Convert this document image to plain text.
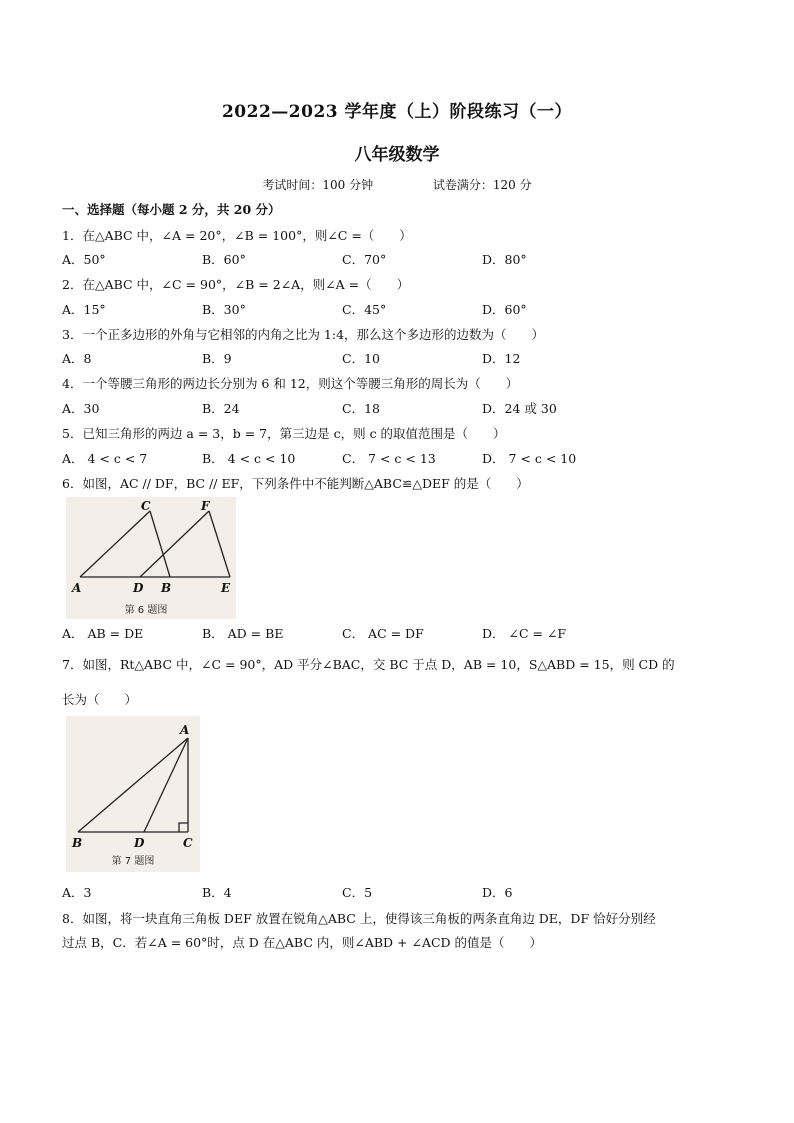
2022—2023 学年度（上）阶段练习（一）
八年级数学
考试时间：100 分钟	试卷满分：120 分
一、选择题（每小题 2 分，共 20 分）
1．在△ABC 中，∠A = 20°，∠B = 100°，则∠C =（　　）
A．50°	B．60°	C．70°	D．80°
2．在△ABC 中，∠C = 90°，∠B = 2∠A，则∠A =（　　）
A．15°	B．30°	C．45°	D．60°
3．一个正多边形的外角与它相邻的内角之比为 1:4，那么这个多边形的边数为（　　）
A．8	B．9	C．10	D．12
4．一个等腰三角形的两边长分别为 6 和 12，则这个等腰三角形的周长为（　　）
A．30	B．24	C．18	D．24 或 30
5．已知三角形的两边 a = 3，b = 7，第三边是 c，则 c 的取值范围是（　　）
A． 4 < c < 7	B． 4 < c < 10	C． 7 < c < 13	D． 7 < c < 10
6．如图，AC // DF，BC // EF，下列条件中不能判断△ABC≌△DEF 的是（　　）
C	F
A	D B	E
第 6 题图
A． AB = DE	B． AD = BE	C． AC = DF	D． ∠C = ∠F
7．如图，Rt△ABC 中，∠C = 90°，AD 平分∠BAC，交 BC 于点 D，AB = 10，S△ABD = 15，则 CD 的
长为（　　）
A
B	D	C
第 7 题图
A．3	B．4	C．5	D．6
8．如图，将一块直角三角板 DEF 放置在锐角△ABC 上，使得该三角板的两条直角边 DE，DF 恰好分别经
过点 B，C．若∠A = 60°时，点 D 在△ABC 内，则∠ABD + ∠ACD 的值是（　　）
